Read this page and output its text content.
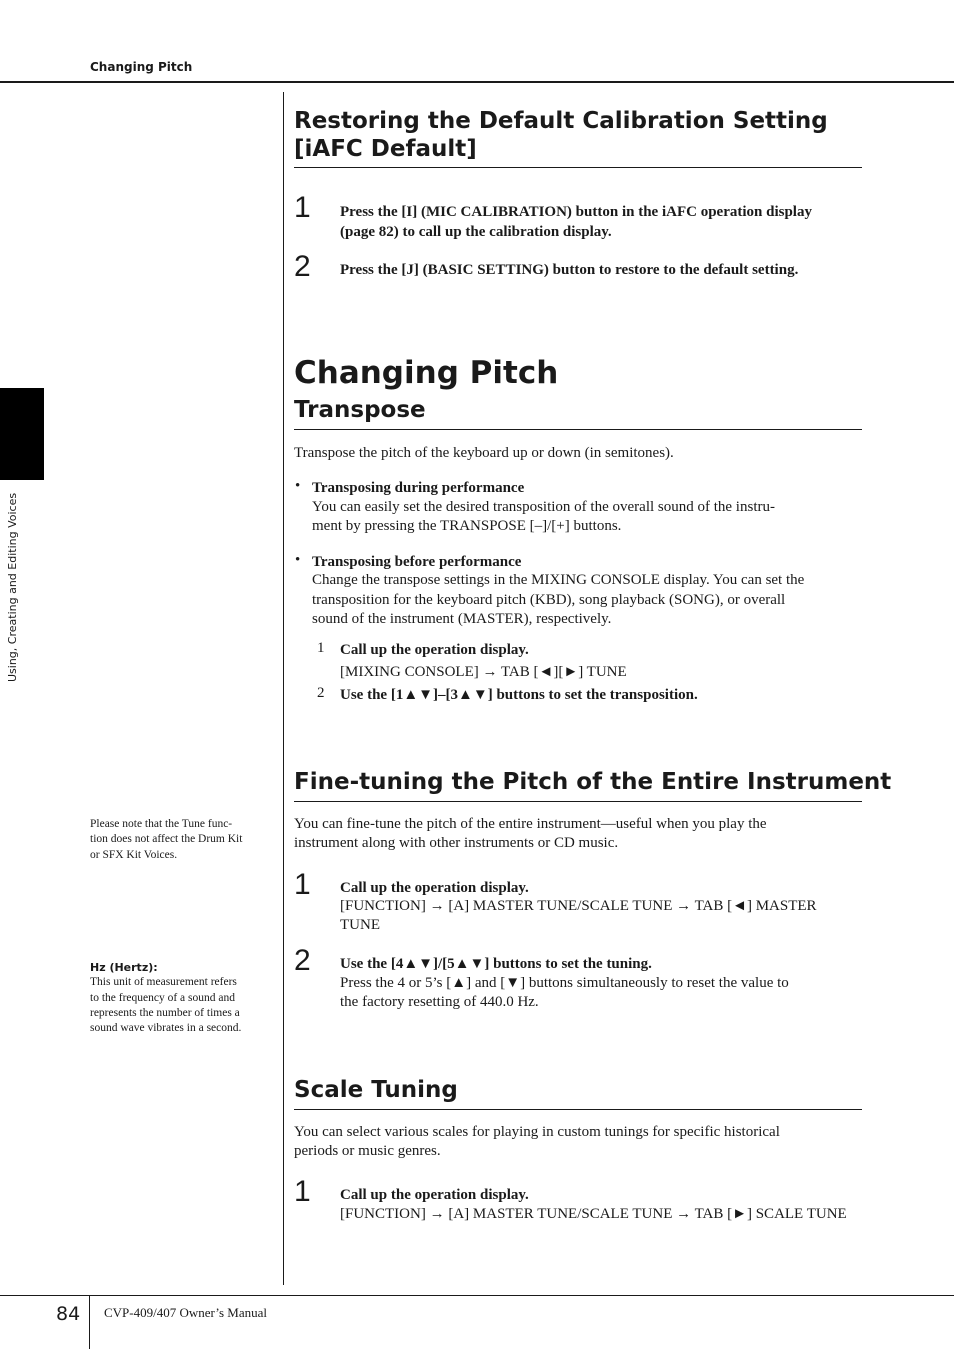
Changing Pitch
Using, Creating and Editing Voices
Restoring the Default Calibration Setting
[iAFC Default]
1 Press the [I] (MIC CALIBRATION) button in the iAFC operation display
(page 82) to call up the calibration display.
2 Press the [J] (BASIC SETTING) button to restore to the default setting.
Changing Pitch
Transpose
Transpose the pitch of the keyboard up or down (in semitones).
• Transposing during performance
You can easily set the desired transposition of the overall sound of the instru-
ment by pressing the TRANSPOSE [–]/[+] buttons.
• Transposing before performance
Change the transpose settings in the MIXING CONSOLE display. You can set the
transposition for the keyboard pitch (KBD), song playback (SONG), or overall
sound of the instrument (MASTER), respectively.
1 Call up the operation display.
[MIXING CONSOLE] → TAB [◄][►] TUNE
2 Use the [1▲▼]–[3▲▼] buttons to set the transposition.
Fine-tuning the Pitch of the Entire Instrument
You can fine-tune the pitch of the entire instrument—useful when you play the
instrument along with other instruments or CD music.
1 Call up the operation display.
[FUNCTION] → [A] MASTER TUNE/SCALE TUNE → TAB [◄] MASTER
TUNE
2 Use the [4▲▼]/[5▲▼] buttons to set the tuning.
Press the 4 or 5’s [▲] and [▼] buttons simultaneously to reset the value to
the factory resetting of 440.0 Hz.
Please note that the Tune func-
tion does not affect the Drum Kit
or SFX Kit Voices.
Hz (Hertz):
This unit of measurement refers
to the frequency of a sound and
represents the number of times a
sound wave vibrates in a second.
Scale Tuning
You can select various scales for playing in custom tunings for specific historical
periods or music genres.
1 Call up the operation display.
[FUNCTION] → [A] MASTER TUNE/SCALE TUNE → TAB [►] SCALE TUNE
84 CVP-409/407 Owner’s Manual
